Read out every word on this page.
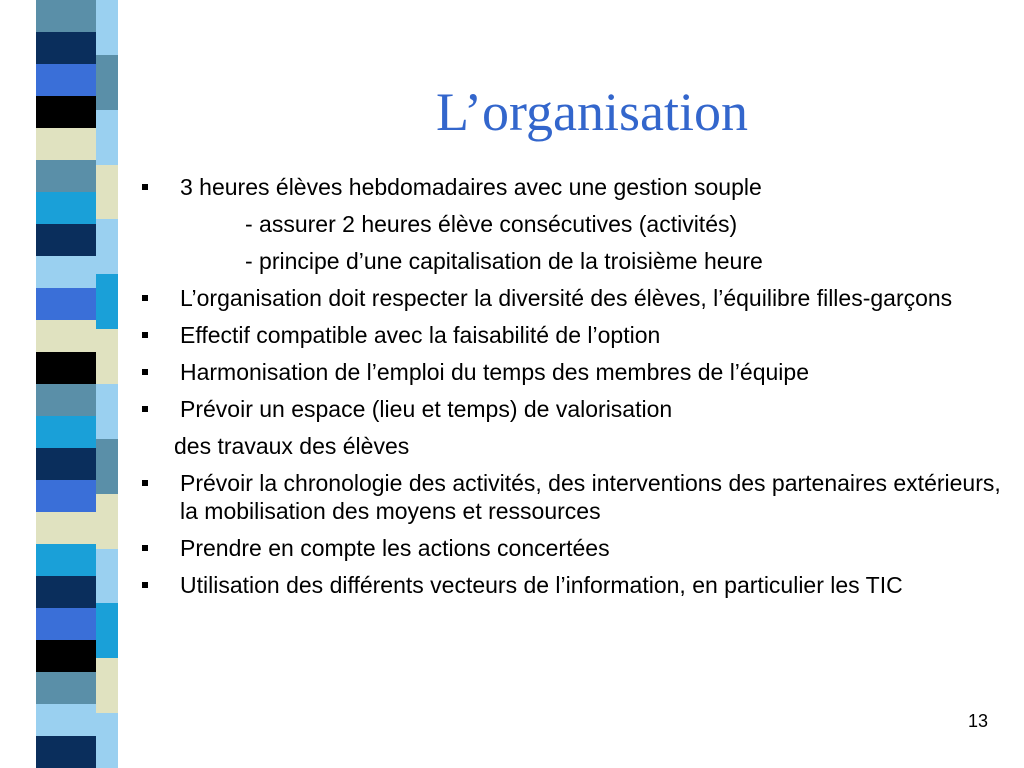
L’organisation
3 heures élèves hebdomadaires avec une gestion souple
- assurer 2 heures élève consécutives (activités)
- principe d’une capitalisation de la troisième heure
L’organisation doit respecter la diversité des élèves, l’équilibre filles-garçons
Effectif compatible avec la faisabilité de l’option
Harmonisation de l’emploi du temps des membres de l’équipe
Prévoir un espace (lieu et temps) de valorisation
des travaux des élèves
Prévoir la chronologie des activités, des interventions des partenaires extérieurs, la mobilisation des moyens et ressources
Prendre en compte les actions concertées
Utilisation des différents vecteurs de l’information, en particulier les TIC
13
